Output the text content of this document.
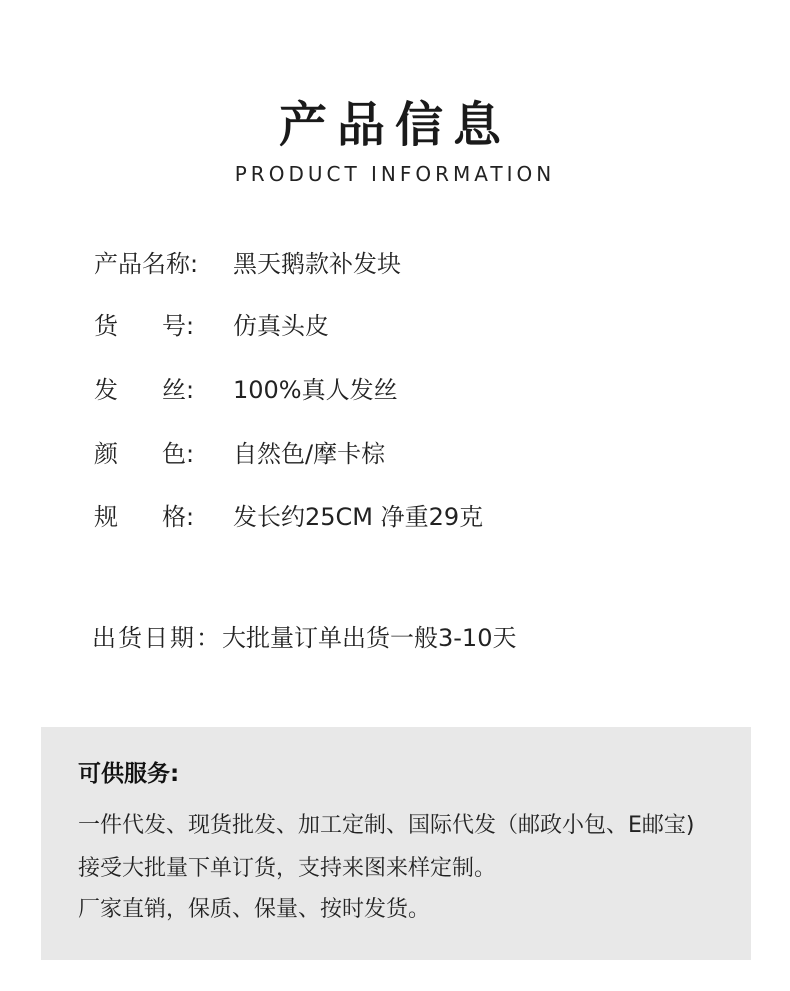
产品信息
PRODUCT INFORMATION
产品名称:	黑天鹅款补发块
货 号: 仿真头皮
发 丝: 100%真人发丝
颜 色: 自然色/摩卡棕
规 格: 发长约25CM 净重29克
出货日期：大批量订单出货一般3-10天
可供服务:
一件代发、现货批发、加工定制、国际代发（邮政小包、E邮宝)
接受大批量下单订货，支持来图来样定制。
厂家直销，保质、保量、按时发货。
